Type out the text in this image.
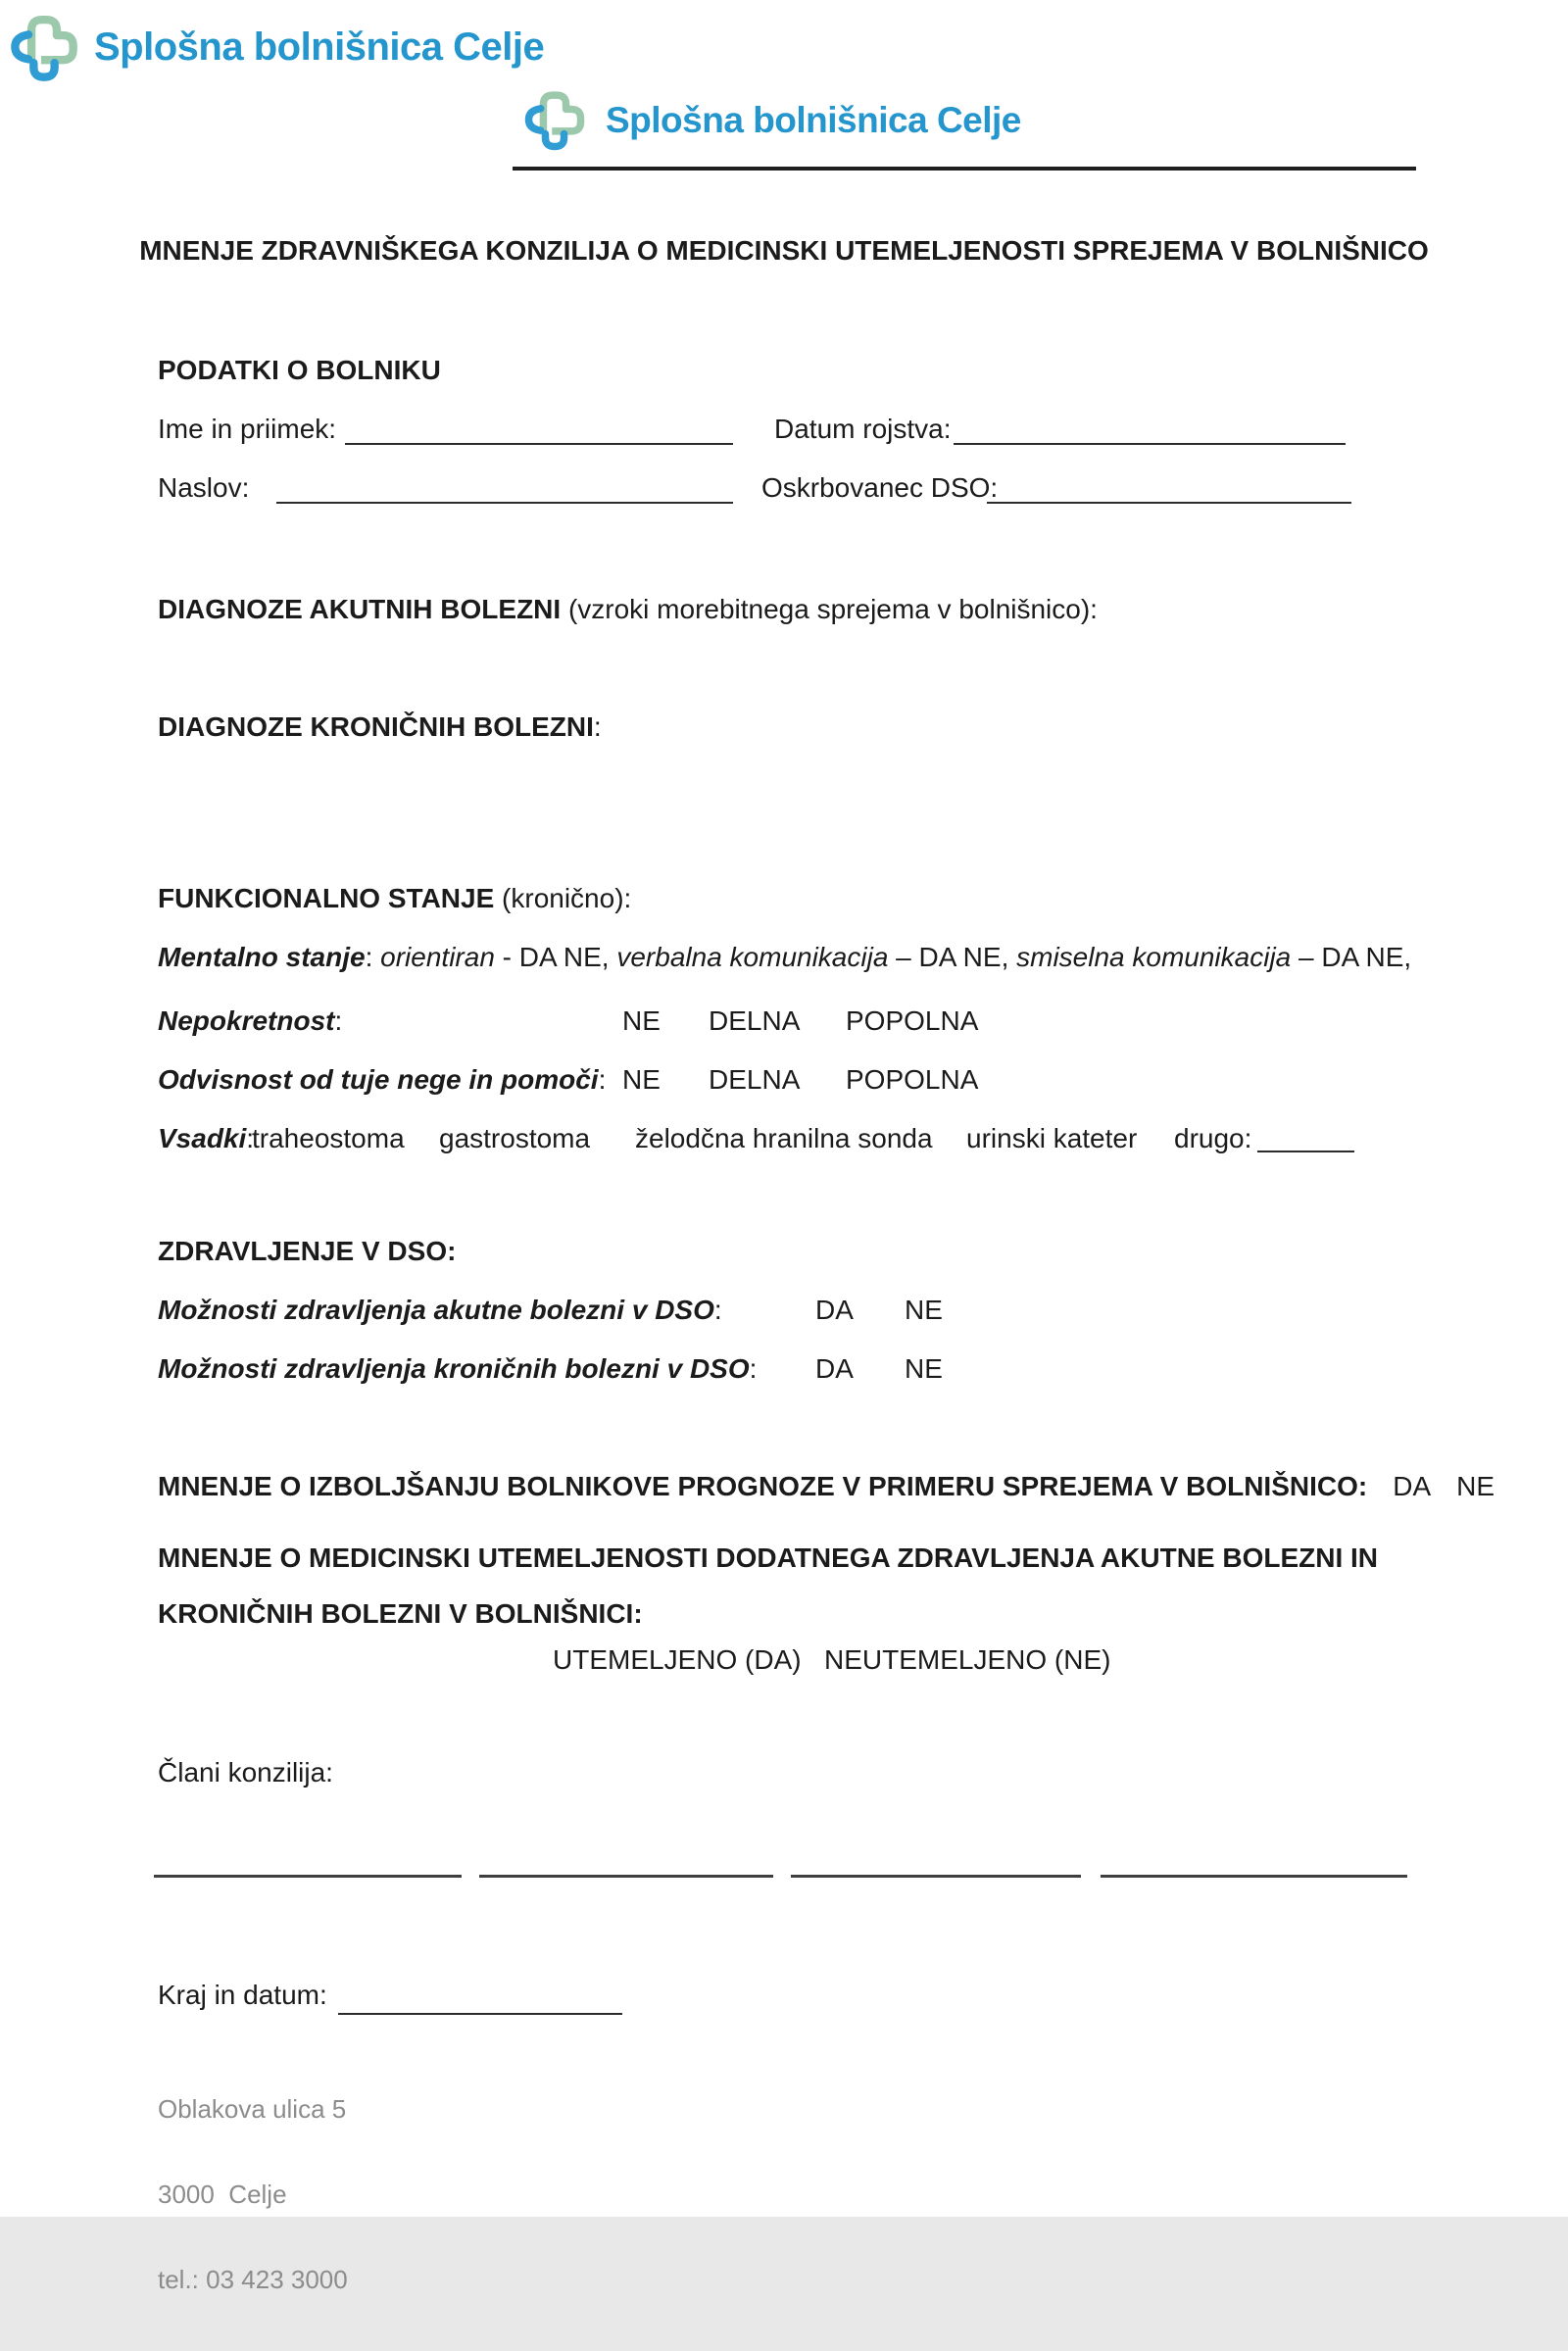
Splošna bolnišnica Celje
Splošna bolnišnica Celje
MNENJE ZDRAVNIŠKEGA KONZILIJA O MEDICINSKI UTEMELJENOSTI SPREJEMA V BOLNIŠNICO
PODATKI O BOLNIKU
Ime in priimek:	Datum rojstva:
Naslov:	Oskrbovanec DSO:
DIAGNOZE AKUTNIH BOLEZNI (vzroki morebitnega sprejema v bolnišnico):
DIAGNOZE KRONIČNIH BOLEZNI:
FUNKCIONALNO STANJE (kronično):
Mentalno stanje: orientiran - DA NE, verbalna komunikacija – DA NE, smiselna komunikacija – DA NE,
Nepokretnost:	NE DELNA POPOLNA
Odvisnost od tuje nege in pomoči: NE DELNA POPOLNA
Vsadki:
traheostoma gastrostoma želodčna hranilna sonda urinski kateter drugo:
ZDRAVLJENJE V DSO:
Možnosti zdravljenja akutne bolezni v DSO:	DA NE
Možnosti zdravljenja kroničnih bolezni v DSO: DA NE
MNENJE O IZBOLJŠANJU BOLNIKOVE PROGNOZE V PRIMERU SPREJEMA V BOLNIŠNICO: DA NE
MNENJE O MEDICINSKI UTEMELJENOSTI DODATNEGA ZDRAVLJENJA AKUTNE BOLEZNI IN KRONIČNIH BOLEZNI V BOLNIŠNICI:
UTEMELJENO (DA) NEUTEMELJENO (NE)
Člani konzilija:
Kraj in datum:

Oblakova ulica 5

3000  Celje

tel.: 03 423 3000
